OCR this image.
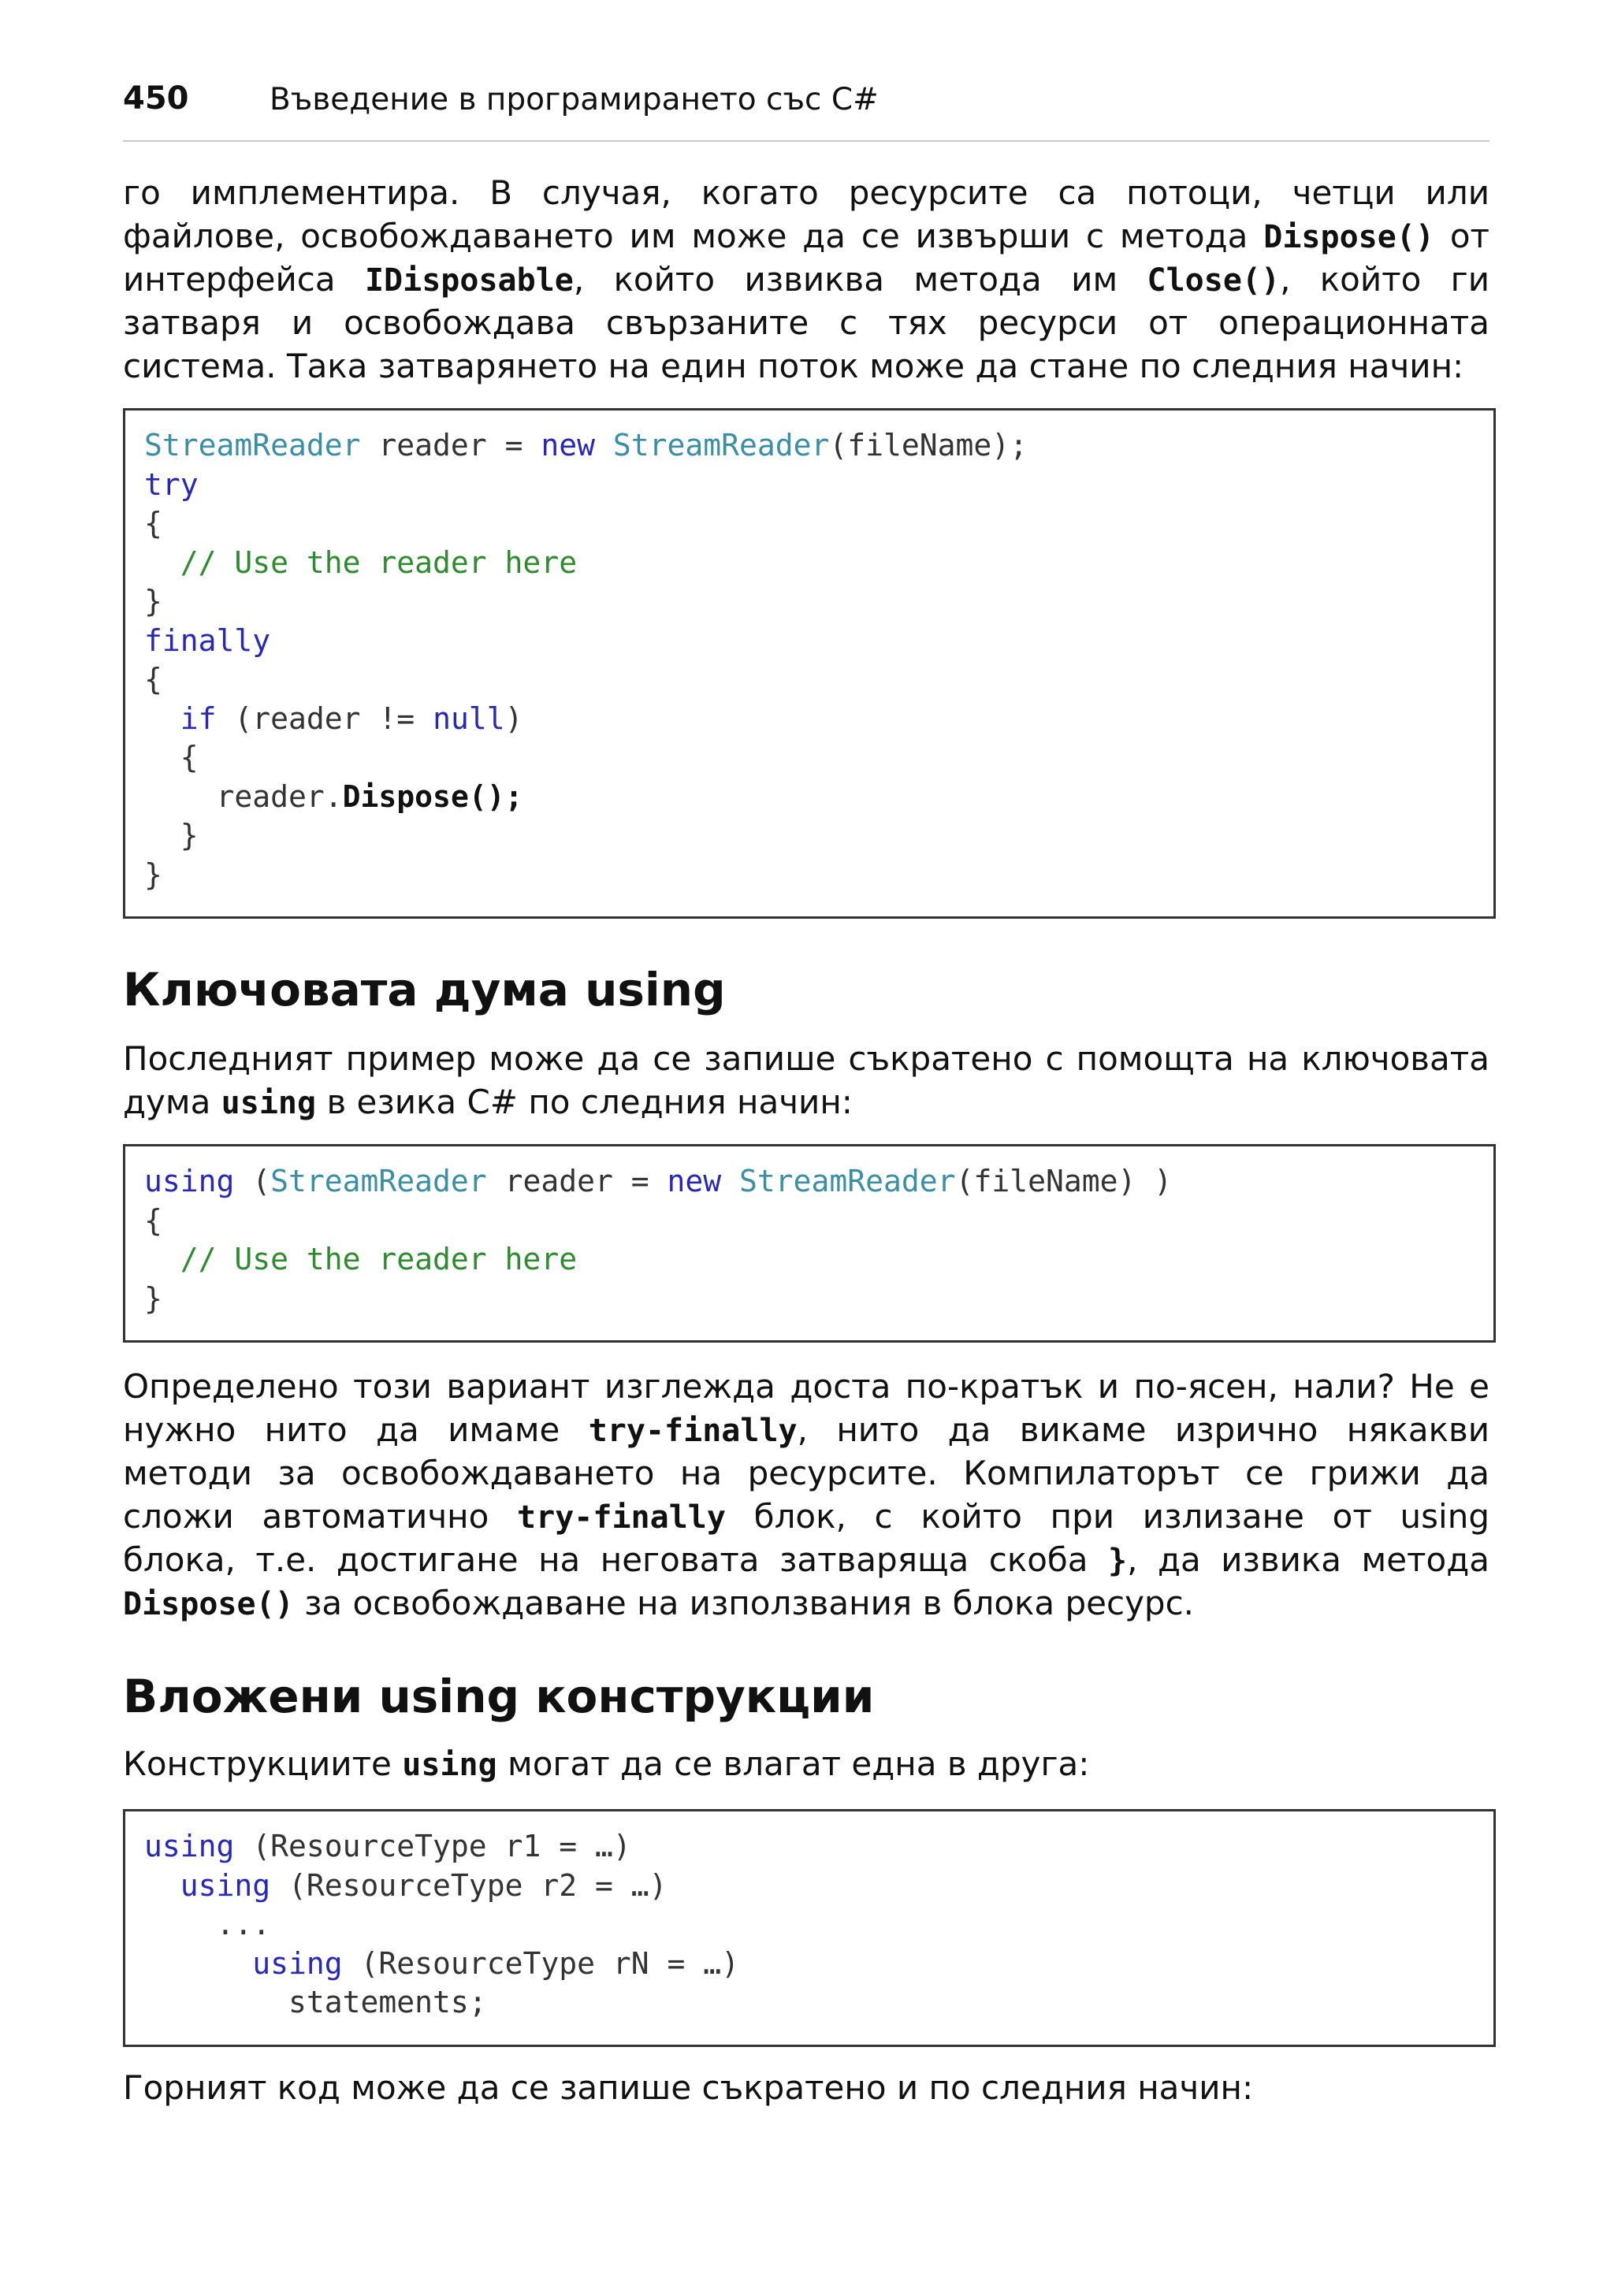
450	Въведение в програмирането със C#
го имплементира. В случая, когато ресурсите са потоци, четци или
файлове, освобождаването им може да се извърши с метода Dispose() от
интерфейса IDisposable, който извиква метода им Close(), който ги
затваря и освобождава свързаните с тях ресурси от операционната
система. Така затварянето на един поток може да стане по следния начин:
StreamReader reader = new StreamReader(fileName);
try
{
// Use the reader here
}
finally
{
if (reader != null)
{
reader.Dispose();
}
}
Ключовата дума using
Последният пример може да се запише съкратено с помощта на ключовата
дума using в езика C# по следния начин:
using (StreamReader reader = new StreamReader(fileName) )
{
// Use the reader here
}
Определено този вариант изглежда доста по-кратък и по-ясен, нали? Не е
нужно нито да имаме try-finally, нито да викаме изрично някакви
методи за освобождаването на ресурсите. Компилаторът се грижи да
сложи автоматично try-finally блок, с който при излизане от using
блока, т.е. достигане на неговата затваряща скоба }, да извика метода
Dispose() за освобождаване на използвания в блока ресурс.
Вложени using конструкции
Конструкциите using могат да се влагат една в друга:
using (ResourceType r1 = …)
using (ResourceType r2 = …)
...
using (ResourceType rN = …)
statements;
Горният код може да се запише съкратено и по следния начин:
